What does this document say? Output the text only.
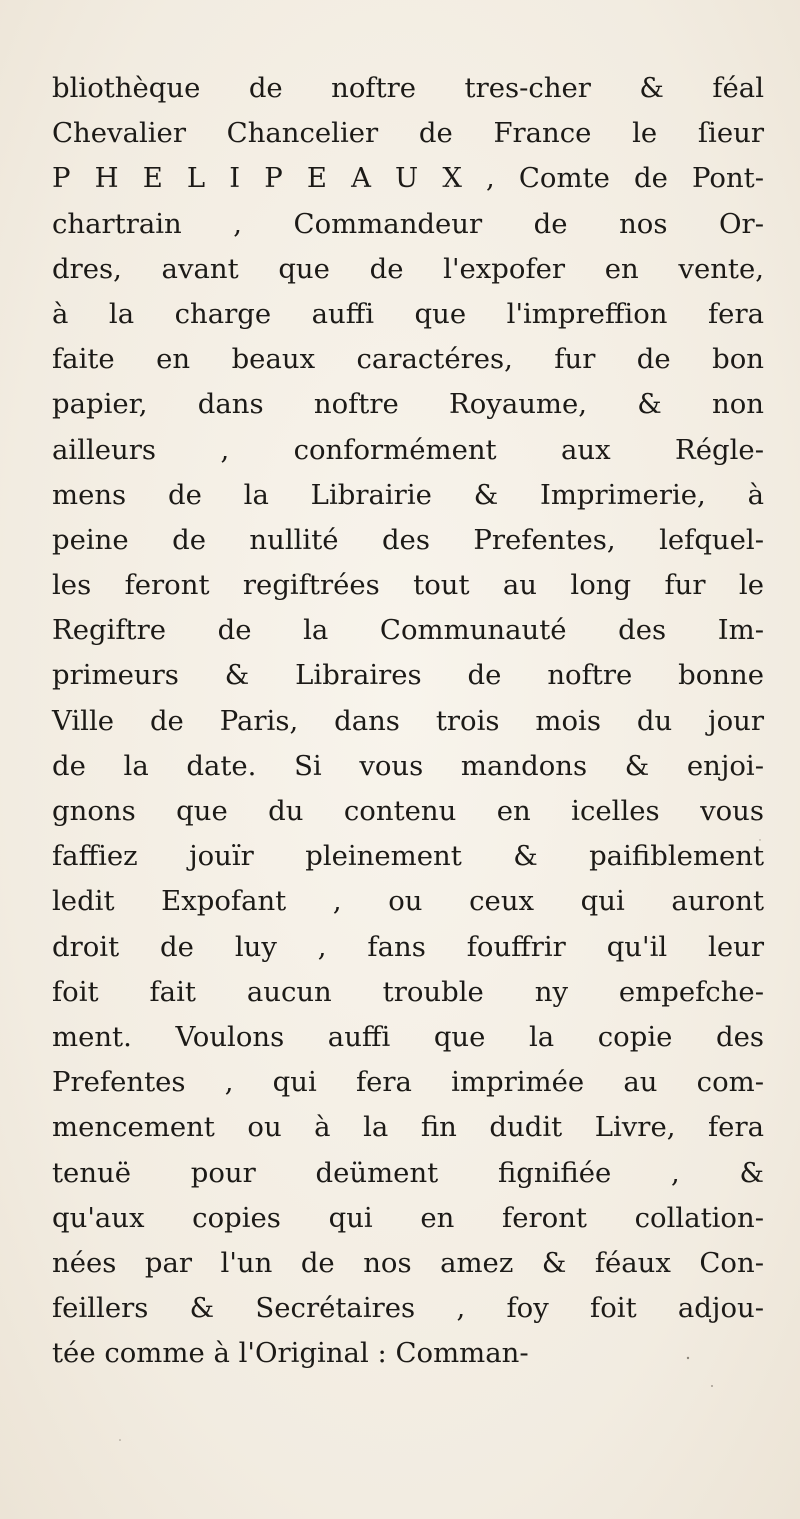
bliothèque de noftre tres-cher & féal
Chevalier Chancelier de France le ſieur
P H E L I P E A U X , Comte de Pont-
chartrain , Commandeur de nos Or-
dres, avant que de l'expofer en vente,
à la charge auffi que l'impreffion fera
faite en beaux caractéres, fur de bon
papier, dans noftre Royaume, & non
ailleurs , conformément aux Régle-
mens de la Librairie & Imprimerie, à
peine de nullité des Prefentes, lefquel-
les feront regiftrées tout au long fur le
Regiftre de la Communauté des Im-
primeurs & Libraires de noftre bonne
Ville de Paris, dans trois mois du jour
de la date. Si vous mandons & enjoi-
gnons que du contenu en icelles vous
faffiez jouïr pleinement & paifiblement
ledit Expofant , ou ceux qui auront
droit de luy , fans fouffrir qu'il leur
foit fait aucun trouble ny empefche-
ment. Voulons auffi que la copie des
Prefentes , qui fera imprimée au com-
mencement ou à la fin dudit Livre, fera
tenuë pour deüment fignifiée , &
qu'aux copies qui en feront collation-
nées par l'un de nos amez & féaux Con-
feillers & Secrétaires , foy foit adjou-
tée comme à l'Original : Comman-
